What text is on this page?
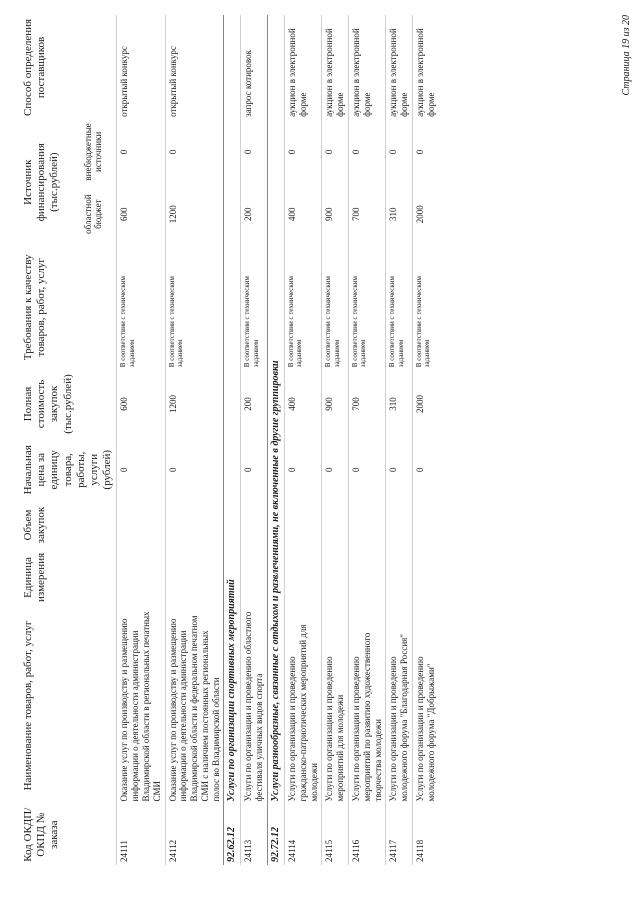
Код ОКДП/ ОКПД № заказа	Наименование товаров, работ, услуг	Единица измерения	Объем закупок	Начальная цена за единицу товара, работы, услуги (рублей)	Полная стоимость закупок (тыс.рублей)	Требования к качеству товаров, работ, услуг	Источник финансирования (тыс.рублей)		Способ определения поставщиков
							областной бюджет	внебюджетные источники	
24111	Оказание услуг по производству и размещению информации о деятельности администрации Владимирской области в региональных печатных СМИ			0	600	В соответствии с техническим заданием	600	0	открытый конкурс
24112	Оказание услуг по производству и размещению информации о деятельности администрации Владимирской области и федеральном печатном СМИ с наличием постоянных региональных полос во Владимирской области			0	1200	В соответствии с техническим заданием	1200	0	открытый конкурс
92.62.12	Услуги по организации спортивных мероприятий								
24113	Услуги по организации и проведению областного фестиваля уличных видов спорта			0	200	В соответствии с техническим заданием	200	0	запрос котировок
92.72.12	Услуги разнообразные, связанные с отдыхом и развлечениями, не включенные в другие группировки								
24114	Услуги по организации и проведению гражданско-патриотических мероприятий для молодежи			0	400	В соответствии с техническим заданием	400	0	аукцион в электронной форме
24115	Услуги по организации и проведению мероприятий для молодежи			0	900	В соответствии с техническим заданием	900	0	аукцион в электронной форме
24116	Услуги по организации и проведению мероприятий по развитию художественного творчества молодежи			0	700	В соответствии с техническим заданием	700	0	аукцион в электронной форме
24117	Услуги по организации и проведению молодежного форума "Благодарная Россия"			0	310	В соответствии с техническим заданием	310	0	аукцион в электронной форме
24118	Услуги по организации и проведению молодежного форума "Добрыжами"			0	2000	В соответствии с техническим заданием	2000	0	аукцион в электронной форме
Страница 19 из 20
